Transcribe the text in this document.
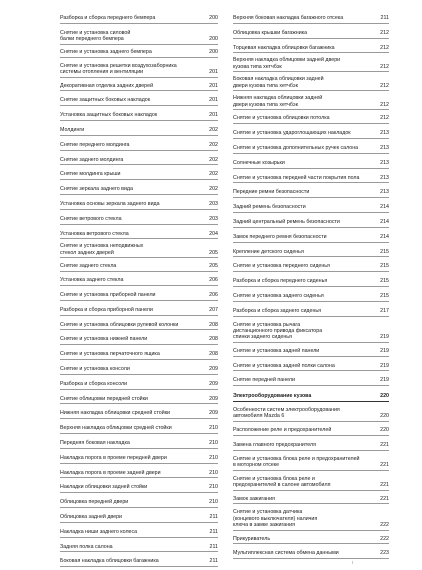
Разборка и сборка переднего бемпера	200
Снятие и установка силовой
балки переднего бемпера	200
Снятие и установка заднего бемпера	200
Снятие и установка решетки воздухозаборника
системы отопления и вентиляции	201
Декоративная отделка задних дверей	201
Снятие защитных боковых накладок	201
Установка защитных боковых накладок	201
Молдинги	202
Снятие переднего молдинга	202
Снятие заднего молдинга	202
Снятие молдинга крыши	202
Снятие зеркала заднего вида	202
Установка основы зеркала заднего вида	203
Снятие ветрового стекла	203
Установка ветрового стекла	204
Снятие и установка неподвижных
стекол задних дверей	205
Снятие заднего стекла	205
Установка заднего стекла	206
Снятие и установка приборной панели	206
Разборка и сборка приборной панели	207
Снятие и установка облицовки рулевой колонки	208
Снятие и установка нижней панели	208
Снятие и установка перчаточного ящика	208
Снятие и установка консоли	209
Разборка и сборка консоли	209
Снятие облицовки передней стойки	209
Нижняя накладка облицовки средней стойки	209
Верхняя накладка облицовки средней стойки	210
Передняя боковая накладка	210
Накладка порога в проеме передней двери	210
Накладка порога в проеме задней двери	210
Накладки облицовки задней стойки	210
Облицовка передней двери	210
Облицовка задней двери	211
Накладка ниши заднего колеса	211
Задняя полка салона	211
Боковая накладка облицовки багажника	211
Верхняя боковая накладка багажного отсека	211
Облицовка крышки багажника	212
Торцевая накладка облицовки багажника	212
Верхняя накладка облицовки задней двери
кузова типа хетчбэк	212
Боковая накладка облицовки задней
двери кузова типа хетчбэк	212
Нижняя накладка облицовки задней
двери кузова типа хетчбэк	212
Снятие и установка облицовки потолка	212
Снятие и установка удароглощающих накладок	213
Снятие и установка дополнительных ручек салона	213
Солнечные козырьки	213
Снятие и установка передней части покрытия пола	213
Передние ремни безопасности	213
Задний ремень безопасности	214
Задний центральный ремень безопасности	214
Замок переднего ремня безопасности	214
Крепление детского сиденья	215
Снятие и установка переднего сиденья	215
Разборка и сборка переднего сиденья	215
Снятие и установка заднего сиденья	215
Разборка и сборка заднего сиденья	217
Снятие и установка рычага
дистанционного привода фиксатора
спинки заднего сиденья	219
Снятие и установка задней панели	219
Снятие и установка задней полки салона	219
Снятие передней панели	219
Электрооборудование кузова	220
Особенности систем электрооборудования
автомобиля Mazda 6	220
Расположение реле и предохранителей	220
Замена главного предохранителя	221
Снятие и установка блока реле и предохранителей
в моторном отсеке	221
Снятие и установка блока реле и
предохранителей в салоне автомобиля	221
Замок зажигания	221
Снятие и установка датчика
(концевого выключателя) наличия
ключа в замке зажигания	222
Прикуриватель	222
Мультиплексная система обмена данными	223
